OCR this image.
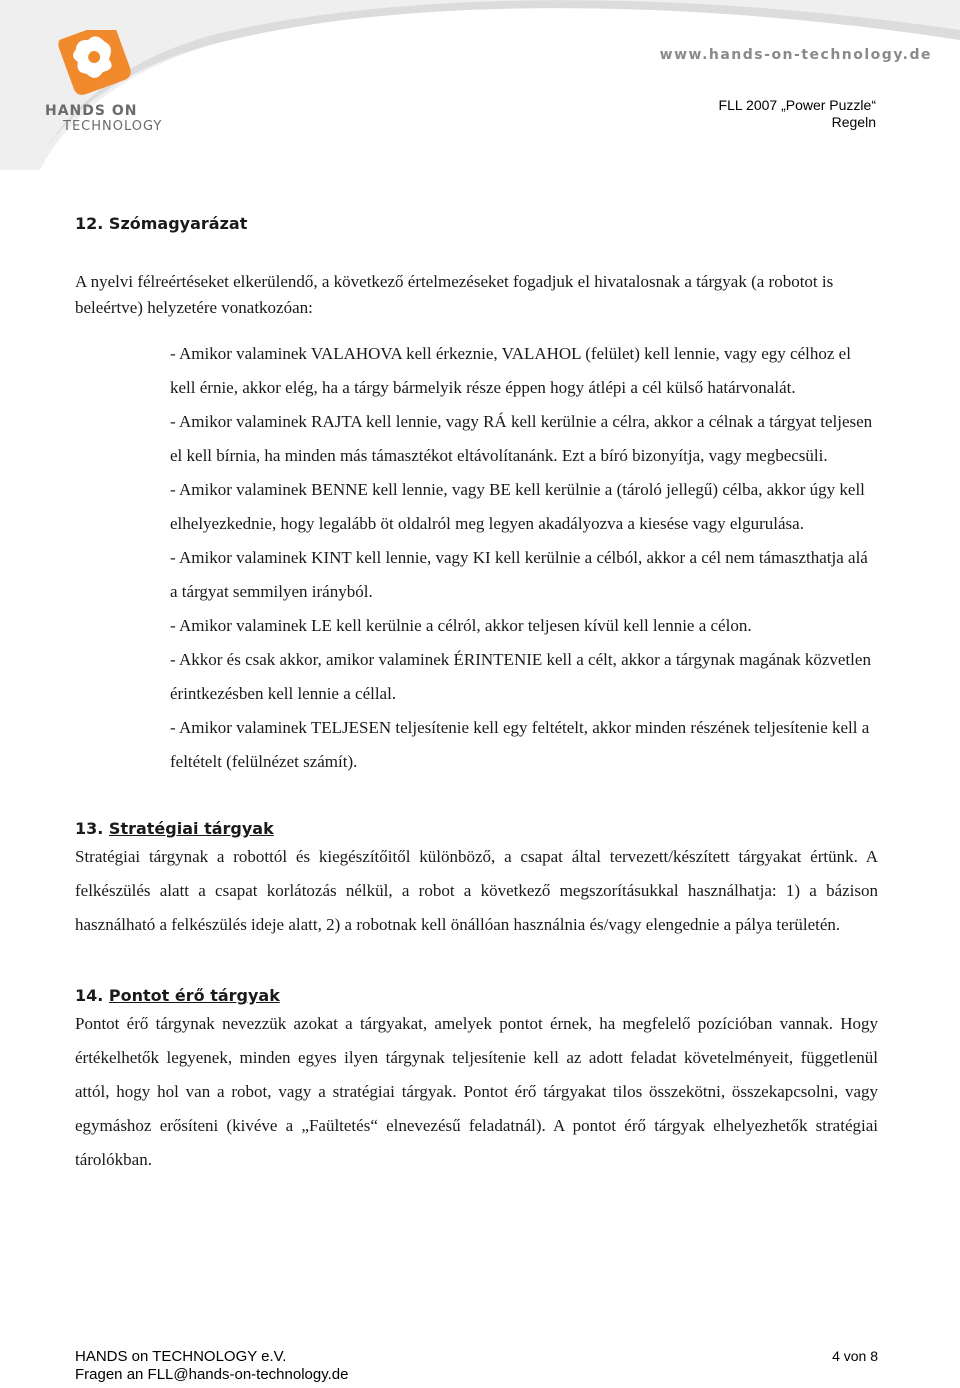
HANDS ON
TECHNOLOGY
www.hands-on-technology.de
FLL 2007 „Power Puzzle“
Regeln

12. Szómagyarázat

A nyelvi félreértéseket elkerülendő, a következő értelmezéseket fogadjuk el hivatalosnak a tárgyak (a robotot is beleértve) helyzetére vonatkozóan:

- Amikor valaminek VALAHOVA kell érkeznie, VALAHOL (felület) kell lennie, vagy egy célhoz el kell érnie, akkor elég, ha a tárgy bármelyik része éppen hogy átlépi a cél külső határvonalát.
- Amikor valaminek RAJTA kell lennie, vagy RÁ kell kerülnie a célra, akkor a célnak a tárgyat teljesen el kell bírnia, ha minden más támasztékot eltávolítanánk. Ezt a bíró bizonyítja, vagy megbecsüli.
- Amikor valaminek BENNE kell lennie, vagy BE kell kerülnie a (tároló jellegű) célba, akkor úgy kell elhelyezkednie, hogy legalább öt oldalról meg legyen akadályozva a kiesése vagy elgurulása.
- Amikor valaminek KINT kell lennie, vagy KI kell kerülnie a célból, akkor a cél nem támaszthatja alá a tárgyat semmilyen irányból.
- Amikor valaminek LE kell kerülnie a célról, akkor teljesen kívül kell lennie a célon.
- Akkor és csak akkor, amikor valaminek ÉRINTENIE kell a célt, akkor a tárgynak magának közvetlen érintkezésben kell lennie a céllal.
- Amikor valaminek TELJESEN teljesítenie kell egy feltételt, akkor minden részének teljesítenie kell a feltételt (felülnézet számít).

13. Stratégiai tárgyak

Stratégiai tárgynak a robottól és kiegészítőitől különböző, a csapat által tervezett/készített tárgyakat értünk. A felkészülés alatt a csapat korlátozás nélkül, a robot a következő megszorításukkal használhatja: 1) a bázison használható a felkészülés ideje alatt, 2) a robotnak kell önállóan használnia és/vagy elengednie a pálya területén.

14. Pontot érő tárgyak

Pontot érő tárgynak nevezzük azokat a tárgyakat, amelyek pontot érnek, ha megfelelő pozícióban vannak. Hogy értékelhetők legyenek, minden egyes ilyen tárgynak teljesítenie kell az adott feladat követelményeit, függetlenül attól, hogy hol van a robot, vagy a stratégiai tárgyak. Pontot érő tárgyakat tilos összekötni, összekapcsolni, vagy egymáshoz erősíteni (kivéve a „Faültetés“ elnevezésű feladatnál). A pontot érő tárgyak elhelyezhetők stratégiai tárolókban.

HANDS on TECHNOLOGY e.V.
Fragen an FLL@hands-on-technology.de
4 von 8
